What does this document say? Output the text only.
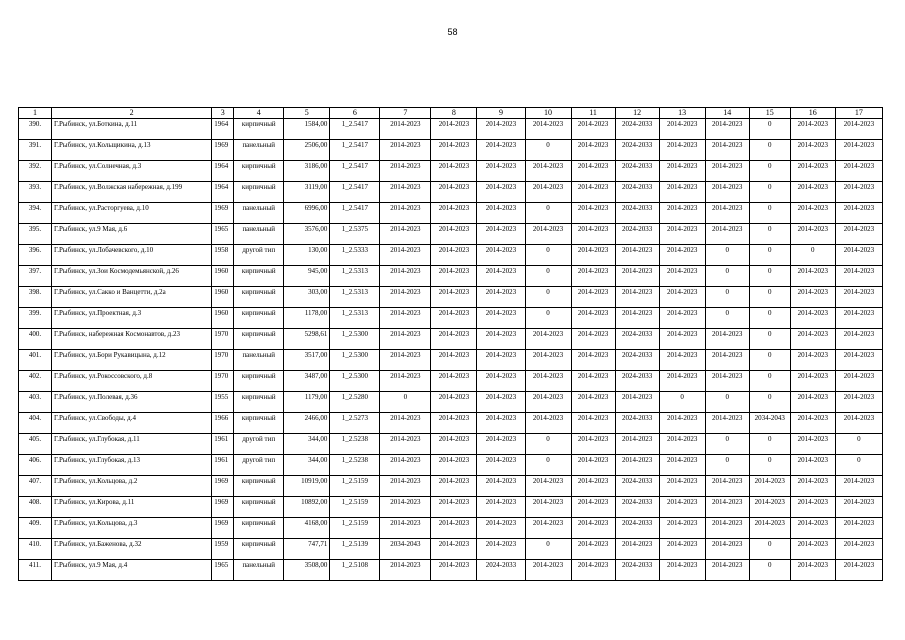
58
1	2	3	4	5	6	7	8	9	10	11	12	13	14	15	16	17
390.	Г.Рыбинск, ул.Боткина, д.11	1964	кирпичный	1584,00	1_2.5417	2014-2023	2014-2023	2014-2023	2014-2023	2014-2023	2024-2033	2014-2023	2014-2023	0	2014-2023	2014-2023
391.	Г.Рыбинск, ул.Кольщикина, д.13	1969	панельный	2506,00	1_2.5417	2014-2023	2014-2023	2014-2023	0	2014-2023	2024-2033	2014-2023	2014-2023	0	2014-2023	2014-2023
392.	Г.Рыбинск, ул.Солнечная, д.3	1964	кирпичный	3186,00	1_2.5417	2014-2023	2014-2023	2014-2023	2014-2023	2014-2023	2024-2033	2014-2023	2014-2023	0	2014-2023	2014-2023
393.	Г.Рыбинск, ул.Волжская набережная, д.199	1964	кирпичный	3119,00	1_2.5417	2014-2023	2014-2023	2014-2023	2014-2023	2014-2023	2024-2033	2014-2023	2014-2023	0	2014-2023	2014-2023
394.	Г.Рыбинск, ул.Расторгуева, д.10	1969	панельный	6996,00	1_2.5417	2014-2023	2014-2023	2014-2023	0	2014-2023	2024-2033	2014-2023	2014-2023	0	2014-2023	2014-2023
395.	Г.Рыбинск, ул.9 Мая, д.6	1965	панельный	3576,00	1_2.5375	2014-2023	2014-2023	2014-2023	2014-2023	2014-2023	2024-2033	2014-2023	2014-2023	0	2014-2023	2014-2023
396.	Г.Рыбинск, ул.Лобачевского, д.10	1958	другой тип	130,00	1_2.5333	2014-2023	2014-2023	2014-2023	0	2014-2023	2014-2023	2014-2023	0	0	0	2014-2023
397.	Г.Рыбинск, ул.Зои Космодемьянской, д.26	1960	кирпичный	945,00	1_2.5313	2014-2023	2014-2023	2014-2023	0	2014-2023	2014-2023	2014-2023	0	0	2014-2023	2014-2023
398.	Г.Рыбинск, ул.Сакко и Ванцетти, д.2а	1960	кирпичный	303,00	1_2.5313	2014-2023	2014-2023	2014-2023	0	2014-2023	2014-2023	2014-2023	0	0	2014-2023	2014-2023
399.	Г.Рыбинск, ул.Проектная, д.3	1960	кирпичный	1178,00	1_2.5313	2014-2023	2014-2023	2014-2023	0	2014-2023	2014-2023	2014-2023	0	0	2014-2023	2014-2023
400.	Г.Рыбинск, набережная Космонавтов, д.23	1970	кирпичный	5298,61	1_2.5300	2014-2023	2014-2023	2014-2023	2014-2023	2014-2023	2024-2033	2014-2023	2014-2023	0	2014-2023	2014-2023
401.	Г.Рыбинск, ул.Бори Рукавицына, д.12	1970	панельный	3517,00	1_2.5300	2014-2023	2014-2023	2014-2023	2014-2023	2014-2023	2024-2033	2014-2023	2014-2023	0	2014-2023	2014-2023
402.	Г.Рыбинск, ул.Рокоссовского, д.8	1970	кирпичный	3487,00	1_2.5300	2014-2023	2014-2023	2014-2023	2014-2023	2014-2023	2024-2033	2014-2023	2014-2023	0	2014-2023	2014-2023
403.	Г.Рыбинск, ул.Полевая, д.36	1955	кирпичный	1179,00	1_2.5280	0	2014-2023	2014-2023	2014-2023	2014-2023	2014-2023	0	0	0	2014-2023	2014-2023
404.	Г.Рыбинск, ул.Свободы, д.4	1966	кирпичный	2466,00	1_2.5273	2014-2023	2014-2023	2014-2023	2014-2023	2014-2023	2024-2033	2014-2023	2014-2023	2034-2043	2014-2023	2014-2023
405.	Г.Рыбинск, ул.Глубокая, д.11	1961	другой тип	344,00	1_2.5238	2014-2023	2014-2023	2014-2023	0	2014-2023	2014-2023	2014-2023	0	0	2014-2023	0
406.	Г.Рыбинск, ул.Глубокая, д.13	1961	другой тип	344,00	1_2.5238	2014-2023	2014-2023	2014-2023	0	2014-2023	2014-2023	2014-2023	0	0	2014-2023	0
407.	Г.Рыбинск, ул.Кольцова, д.2	1969	кирпичный	10919,00	1_2.5159	2014-2023	2014-2023	2014-2023	2014-2023	2014-2023	2024-2033	2014-2023	2014-2023	2014-2023	2014-2023	2014-2023
408.	Г.Рыбинск, ул.Кирова, д.11	1969	кирпичный	10892,00	1_2.5159	2014-2023	2014-2023	2014-2023	2014-2023	2014-2023	2024-2033	2014-2023	2014-2023	2014-2023	2014-2023	2014-2023
409.	Г.Рыбинск, ул.Кольцова, д.3	1969	кирпичный	4168,00	1_2.5159	2014-2023	2014-2023	2014-2023	2014-2023	2014-2023	2024-2033	2014-2023	2014-2023	2014-2023	2014-2023	2014-2023
410.	Г.Рыбинск, ул.Баженова, д.32	1959	кирпичный	747,71	1_2.5139	2034-2043	2014-2023	2014-2023	0	2014-2023	2014-2023	2014-2023	2014-2023	0	2014-2023	2014-2023
411.	Г.Рыбинск, ул.9 Мая, д.4	1965	панельный	3508,00	1_2.5108	2014-2023	2014-2023	2024-2033	2014-2023	2014-2023	2024-2033	2014-2023	2014-2023	0	2014-2023	2014-2023
